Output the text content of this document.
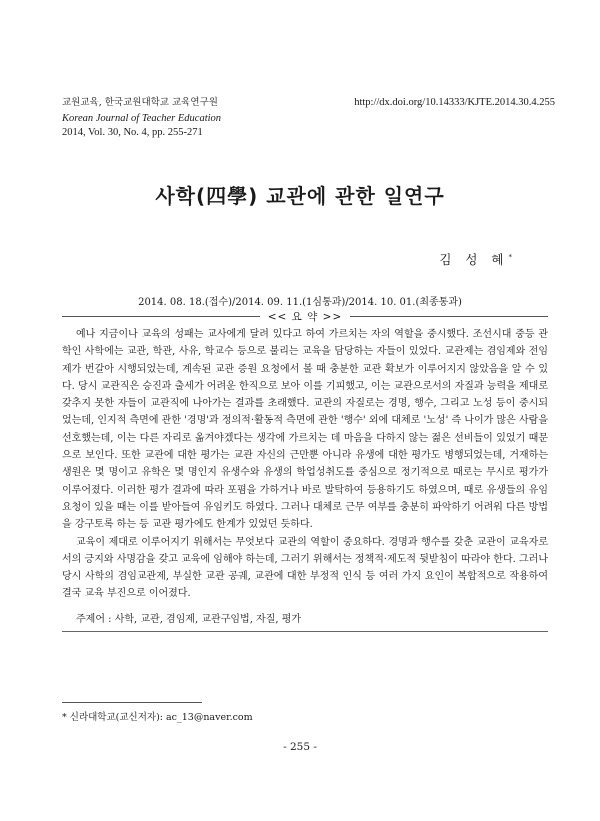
교원교육, 한국교원대학교 교육연구원	http://dx.doi.org/10.14333/KJTE.2014.30.4.255
Korean Journal of Teacher Education
2014, Vol. 30, No. 4, pp. 255-271
사학(四學) 교관에 관한 일연구
김 성 혜*
2014. 08. 18.(접수)/2014. 09. 11.(1심통과)/2014. 10. 01.(최종통과)
<< 요 약 >>

예나 지금이나 교육의 성패는 교사에게 달려 있다고 하여 가르치는 자의 역할을 중시했다. 조선시대 중등 관학인 사학에는 교관, 학관, 사유, 학교수 등으로 불리는 교육을 담당하는 자들이 있었다. 교관제는 겸임제와 전임제가 번갈아 시행되었는데, 계속된 교관 증원 요청에서 볼 때 충분한 교관 확보가 이루어지지 않았음을 알 수 있다. 당시 교관직은 승진과 출세가 어려운 한직으로 보아 이를 기피했고, 이는 교관으로서의 자질과 능력을 제대로 갖추지 못한 자들이 교관직에 나아가는 결과를 초래했다. 교관의 자질로는 경명, 행수, 그리고 노성 등이 중시되었는데, 인지적 측면에 관한 '경명'과 정의적·활동적 측면에 관한 '행수' 외에 대체로 '노성' 즉 나이가 많은 사람을 선호했는데, 이는 다른 자리로 옮겨야겠다는 생각에 가르치는 데 마음을 다하지 않는 젊은 선비들이 있었기 때문으로 보인다. 또한 교관에 대한 평가는 교관 자신의 근만뿐 아니라 유생에 대한 평가도 병행되었는데, 거재하는 생원은 몇 명이고 유학은 몇 명인지 유생수와 유생의 학업성취도를 중심으로 정기적으로 때로는 무시로 평가가 이루어졌다. 이러한 평가 결과에 따라 포폄을 가하거나 바로 발탁하여 등용하기도 하였으며, 때로 유생들의 유임 요청이 있을 때는 이를 받아들여 유임키도 하였다. 그러나 대체로 근무 여부를 충분히 파악하기 어려워 다른 방법을 강구토록 하는 등 교관 평가에도 한계가 있었던 듯하다.

교육이 제대로 이루어지기 위해서는 무엇보다 교관의 역할이 중요하다. 경명과 행수를 갖춘 교관이 교육자로서의 긍지와 사명감을 갖고 교육에 임해야 하는데, 그러기 위해서는 정책적·제도적 뒷받침이 따라야 한다. 그러나 당시 사학의 겸임교관제, 부실한 교관 공궤, 교관에 대한 부정적 인식 등 여러 가지 요인이 복합적으로 작용하여 결국 교육 부진으로 이어졌다.

주제어 : 사학, 교관, 겸임제, 교관구임법, 자질, 평가
* 신라대학교(교신저자): ac_13@naver.com
- 255 -
